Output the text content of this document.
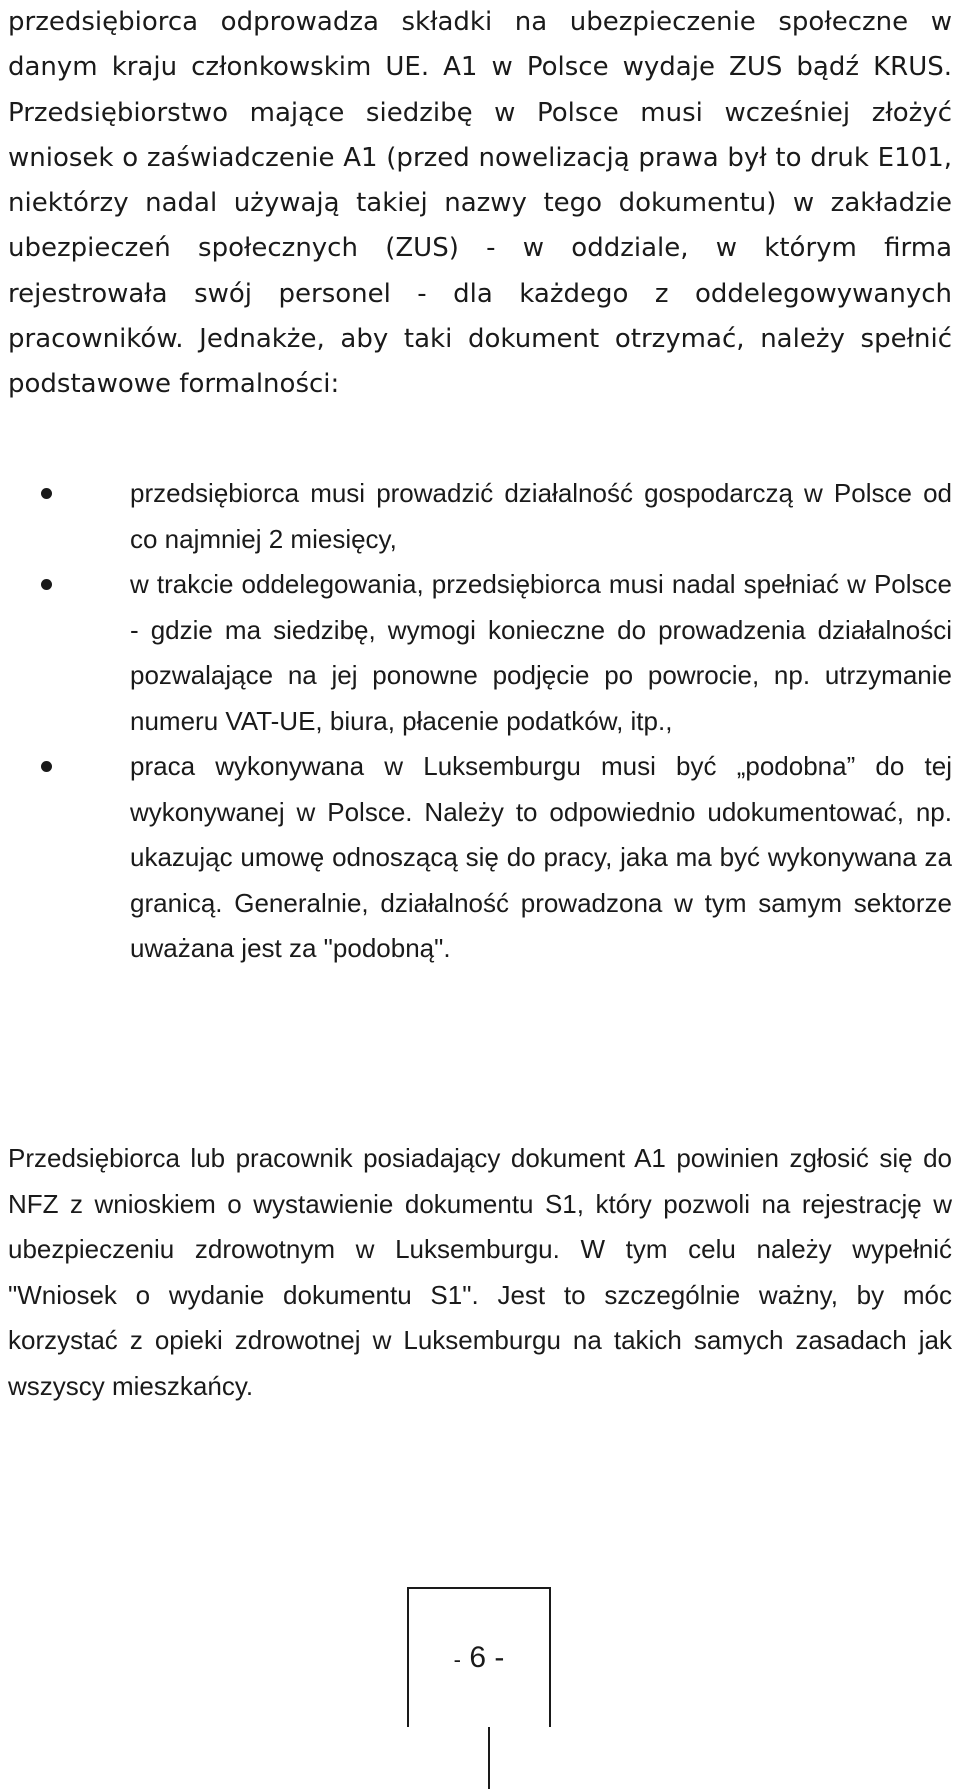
przedsiębiorca odprowadza składki na ubezpieczenie społeczne w danym kraju członkowskim UE. A1 w Polsce wydaje ZUS bądź KRUS. Przedsiębiorstwo mające siedzibę w Polsce musi wcześniej złożyć wniosek o zaświadczenie A1 (przed nowelizacją prawa był to druk E101, niektórzy nadal używają takiej nazwy tego dokumentu) w zakładzie ubezpieczeń społecznych (ZUS) - w oddziale, w którym firma rejestrowała swój personel - dla każdego z oddelegowywanych pracowników. Jednakże, aby taki dokument otrzymać, należy spełnić podstawowe formalności:

przedsiębiorca musi prowadzić działalność gospodarczą w Polsce od co najmniej 2 miesięcy,
w trakcie oddelegowania, przedsiębiorca musi nadal spełniać w Polsce - gdzie ma siedzibę, wymogi konieczne do prowadzenia działalności pozwalające na jej ponowne podjęcie po powrocie, np. utrzymanie numeru VAT-UE, biura, płacenie podatków, itp.,
praca wykonywana w Luksemburgu musi być „podobna” do tej wykonywanej w Polsce. Należy to odpowiednio udokumentować, np. ukazując umowę odnoszącą się do pracy, jaka ma być wykonywana za granicą. Generalnie, działalność prowadzona w tym samym sektorze uważana jest za "podobną".

Przedsiębiorca lub pracownik posiadający dokument A1 powinien zgłosić się do NFZ z wnioskiem o wystawienie dokumentu S1, który pozwoli na rejestrację w ubezpieczeniu zdrowotnym w Luksemburgu. W tym celu należy wypełnić "Wniosek o wydanie dokumentu S1". Jest to szczególnie ważny, by móc korzystać z opieki zdrowotnej w Luksemburgu na takich samych zasadach jak wszyscy mieszkańcy.

- 6 -
